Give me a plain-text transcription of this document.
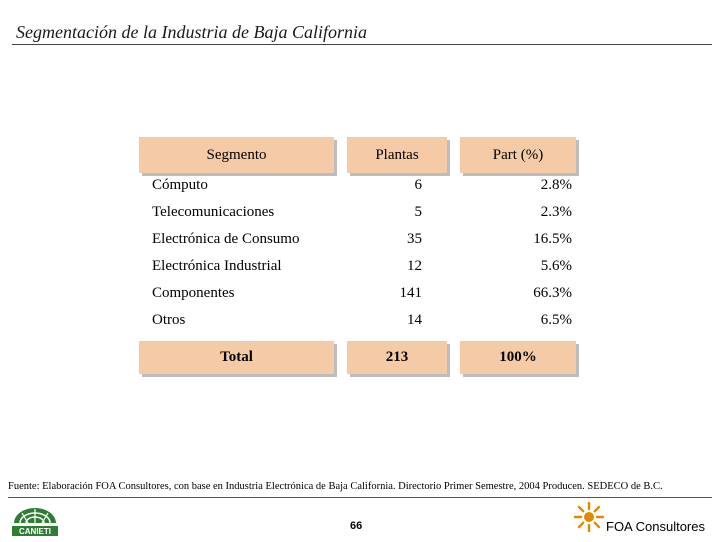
Segmentación de la Industria de Baja California
Segmento	Plantas	Part (%)
Cómputo	6	2.8%
Telecomunicaciones	5	2.3%
Electrónica de Consumo	35	16.5%
Electrónica Industrial	12	5.6%
Componentes	141	66.3%
Otros	14	6.5%
Total	213	100%
Fuente: Elaboración FOA Consultores, con base en Industria Electrónica de Baja California. Directorio Primer Semestre, 2004 Producen. SEDECO de B.C.
CANIETI	66	FOA Consultores
